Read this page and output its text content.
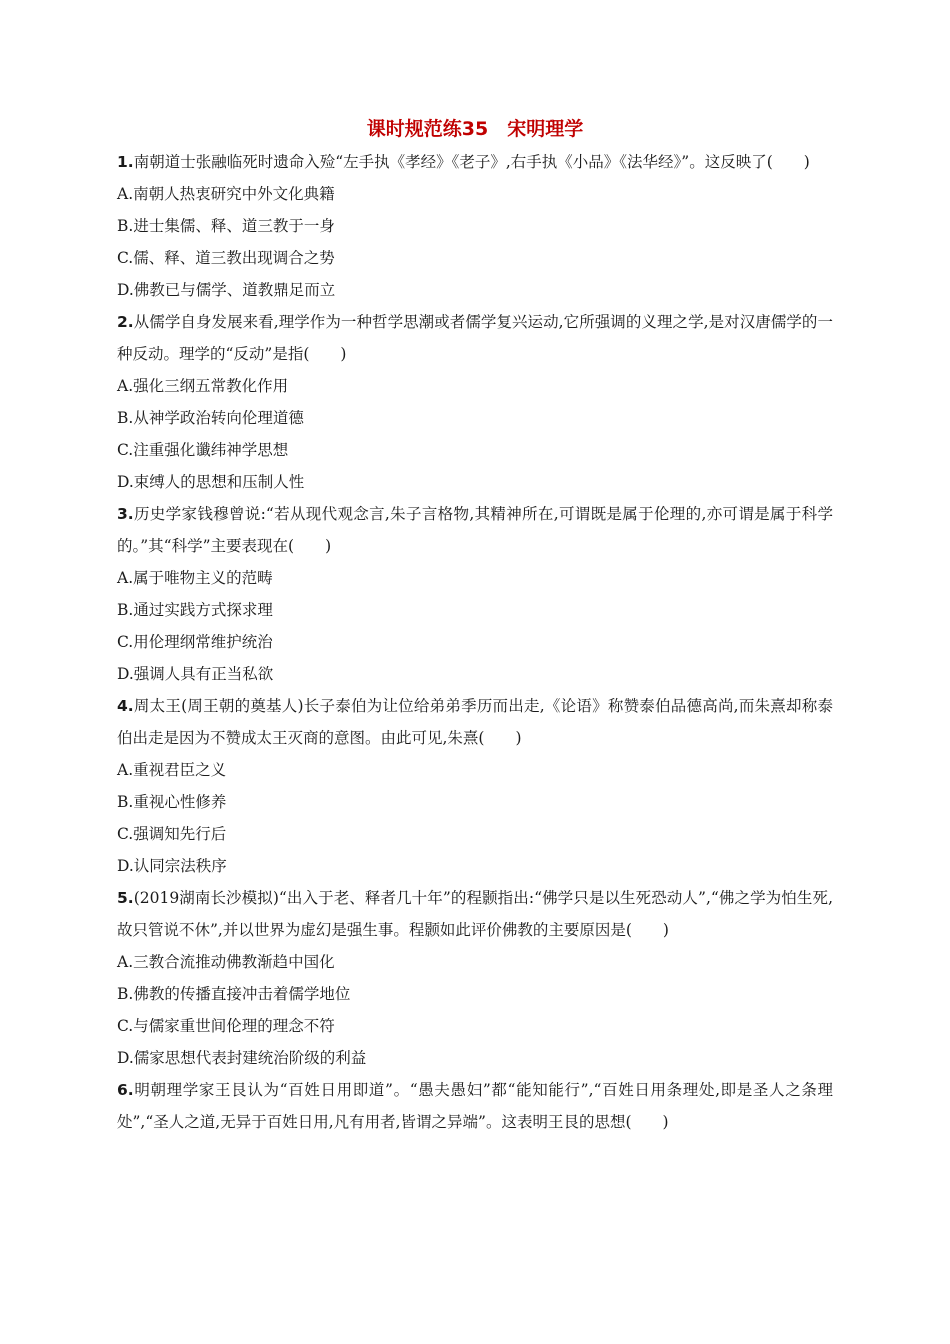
课时规范练35　宋明理学

1.南朝道士张融临死时遗命入殓“左手执《孝经》《老子》,右手执《小品》《法华经》”。这反映了(　　)

A.南朝人热衷研究中外文化典籍
B.进士集儒、释、道三教于一身
C.儒、释、道三教出现调合之势
D.佛教已与儒学、道教鼎足而立

2.从儒学自身发展来看,理学作为一种哲学思潮或者儒学复兴运动,它所强调的义理之学,是对汉唐儒学的一种反动。理学的“反动”是指(　　)

A.强化三纲五常教化作用
B.从神学政治转向伦理道德
C.注重强化谶纬神学思想
D.束缚人的思想和压制人性

3.历史学家钱穆曾说:“若从现代观念言,朱子言格物,其精神所在,可谓既是属于伦理的,亦可谓是属于科学的。”其“科学”主要表现在(　　)

A.属于唯物主义的范畴
B.通过实践方式探求理
C.用伦理纲常维护统治
D.强调人具有正当私欲

4.周太王(周王朝的奠基人)长子泰伯为让位给弟弟季历而出走,《论语》称赞泰伯品德高尚,而朱熹却称泰伯出走是因为不赞成太王灭商的意图。由此可见,朱熹(　　)

A.重视君臣之义
B.重视心性修养
C.强调知先行后
D.认同宗法秩序

5.(2019湖南长沙模拟)“出入于老、释者几十年”的程颢指出:“佛学只是以生死恐动人”,“佛之学为怕生死,故只管说不休”,并以世界为虚幻是强生事。程颢如此评价佛教的主要原因是(　　)

A.三教合流推动佛教渐趋中国化
B.佛教的传播直接冲击着儒学地位
C.与儒家重世间伦理的理念不符
D.儒家思想代表封建统治阶级的利益

6.明朝理学家王艮认为“百姓日用即道”。“愚夫愚妇”都“能知能行”,“百姓日用条理处,即是圣人之条理处”,“圣人之道,无异于百姓日用,凡有用者,皆谓之异端”。这表明王艮的思想(　　)
